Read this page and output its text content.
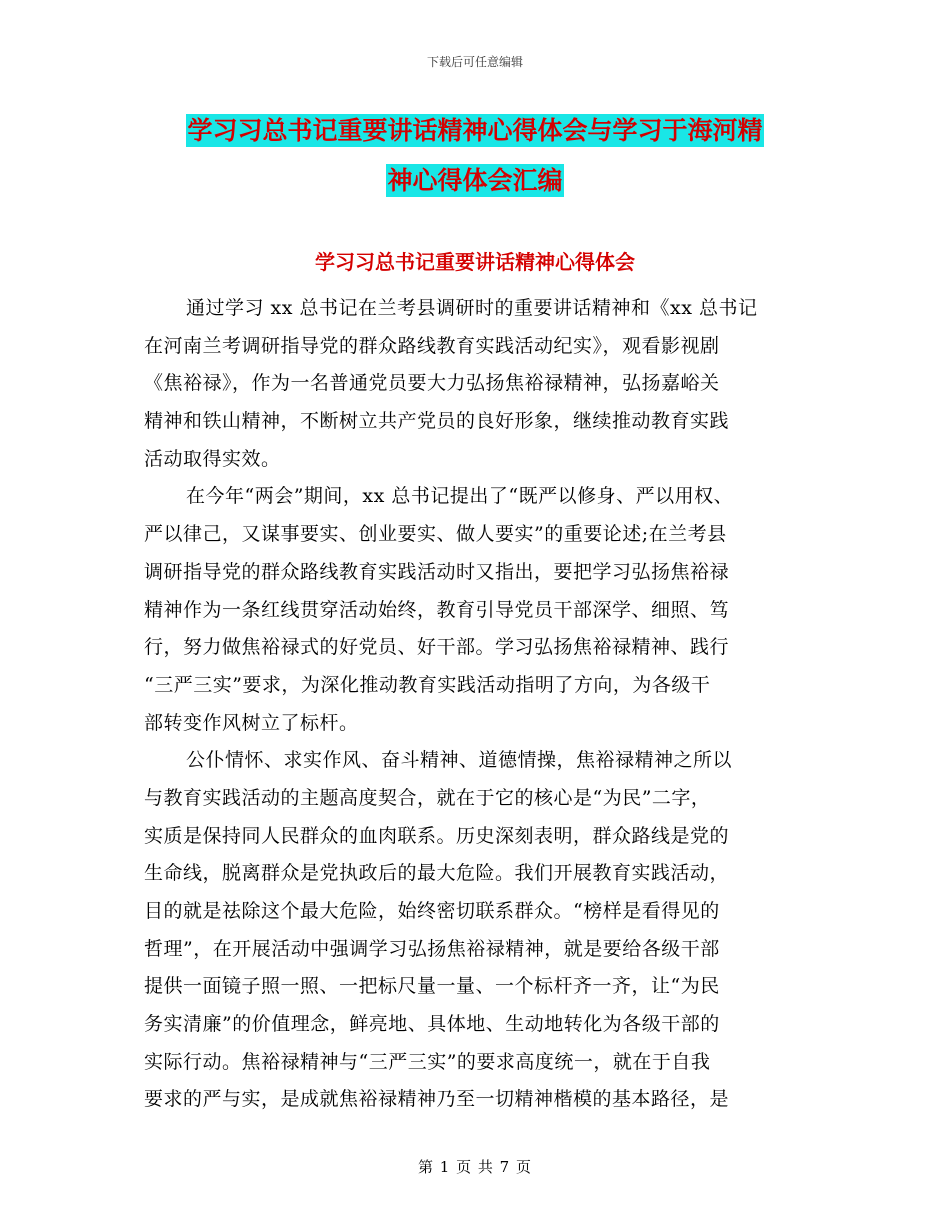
下载后可任意编辑
学习习总书记重要讲话精神心得体会与学习于海河精
神心得体会汇编
学习习总书记重要讲话精神心得体会
通过学习 xx 总书记在兰考县调研时的重要讲话精神和《xx 总书记
在河南兰考调研指导党的群众路线教育实践活动纪实》，观看影视剧
《焦裕禄》，作为一名普通党员要大力弘扬焦裕禄精神，弘扬嘉峪关
精神和铁山精神，不断树立共产党员的良好形象，继续推动教育实践
活动取得实效。
在今年“两会”期间，xx 总书记提出了“既严以修身、严以用权、
严以律己，又谋事要实、创业要实、做人要实”的重要论述;在兰考县
调研指导党的群众路线教育实践活动时又指出，要把学习弘扬焦裕禄
精神作为一条红线贯穿活动始终，教育引导党员干部深学、细照、笃
行，努力做焦裕禄式的好党员、好干部。学习弘扬焦裕禄精神、践行
“三严三实”要求，为深化推动教育实践活动指明了方向，为各级干
部转变作风树立了标杆。
公仆情怀、求实作风、奋斗精神、道德情操，焦裕禄精神之所以
与教育实践活动的主题高度契合，就在于它的核心是“为民”二字，
实质是保持同人民群众的血肉联系。历史深刻表明，群众路线是党的
生命线，脱离群众是党执政后的最大危险。我们开展教育实践活动，
目的就是祛除这个最大危险，始终密切联系群众。“榜样是看得见的
哲理”，在开展活动中强调学习弘扬焦裕禄精神，就是要给各级干部
提供一面镜子照一照、一把标尺量一量、一个标杆齐一齐，让“为民
务实清廉”的价值理念，鲜亮地、具体地、生动地转化为各级干部的
实际行动。焦裕禄精神与“三严三实”的要求高度统一，就在于自我
要求的严与实，是成就焦裕禄精神乃至一切精神楷模的基本路径，是
第 1 页 共 7 页
